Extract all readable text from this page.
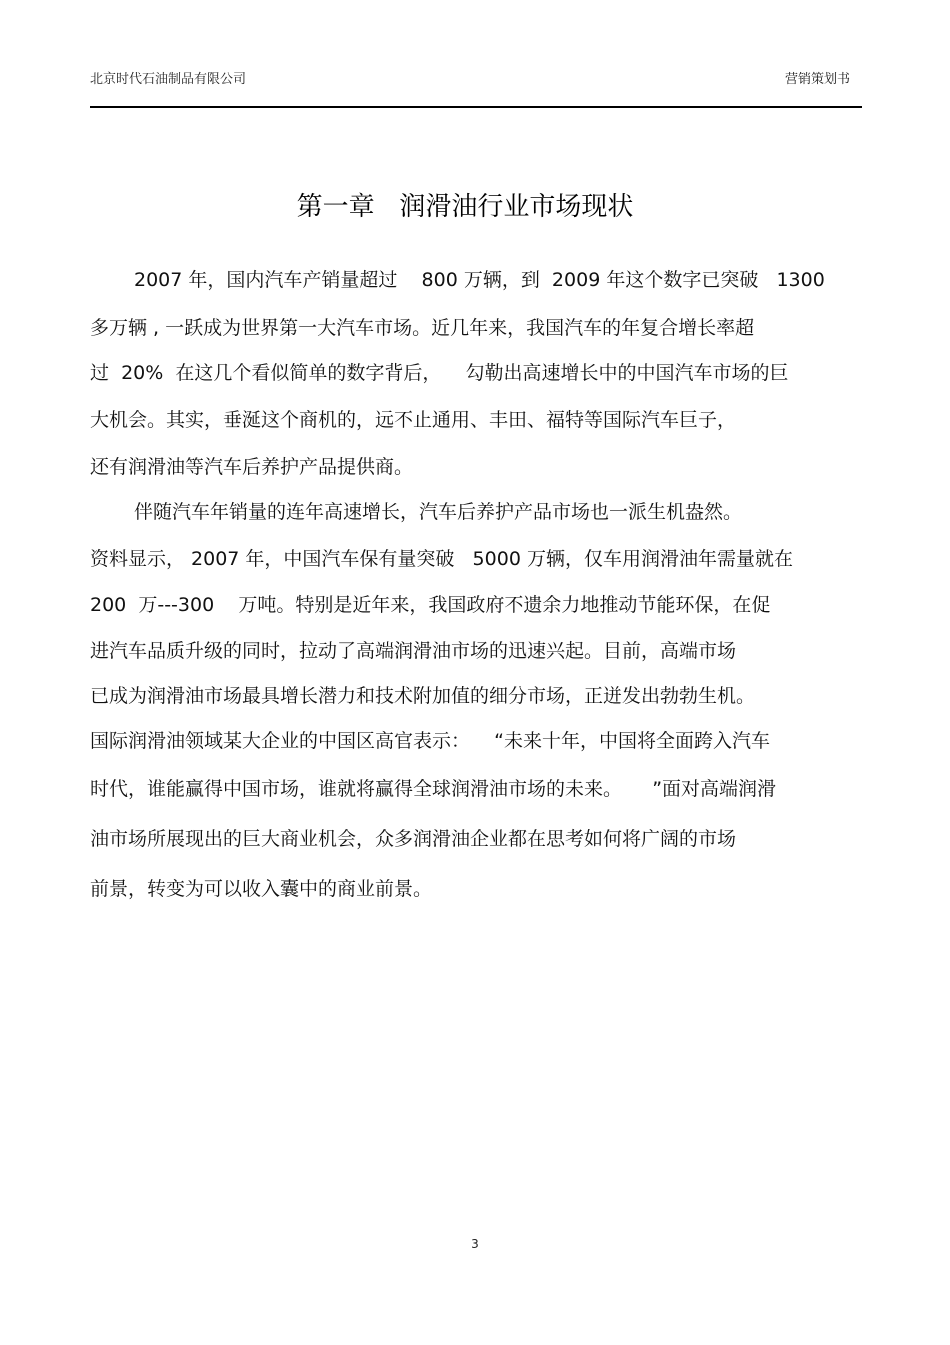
北京时代石油制品有限公司	营销策划书
第一章   润滑油行业市场现状
2007 年，国内汽车产销量超过    800 万辆，到  2009 年这个数字已突破   1300
多万辆 , 一跃成为世界第一大汽车市场。近几年来，我国汽车的年复合增长率超
过  20%  在这几个看似简单的数字背后，    勾勒出高速增长中的中国汽车市场的巨
大机会。其实，垂涎这个商机的，远不止通用、丰田、福特等国际汽车巨子，
还有润滑油等汽车后养护产品提供商。
伴随汽车年销量的连年高速增长，汽车后养护产品市场也一派生机盎然。
资料显示， 2007 年，中国汽车保有量突破   5000 万辆，仅车用润滑油年需量就在
200  万---300    万吨。特别是近年来，我国政府不遗余力地推动节能环保，在促
进汽车品质升级的同时，拉动了高端润滑油市场的迅速兴起。目前，高端市场
已成为润滑油市场最具增长潜力和技术附加值的细分市场，正迸发出勃勃生机。
国际润滑油领域某大企业的中国区高官表示：    “未来十年，中国将全面跨入汽车
时代，谁能赢得中国市场，谁就将赢得全球润滑油市场的未来。     ”面对高端润滑
油市场所展现出的巨大商业机会，众多润滑油企业都在思考如何将广阔的市场
前景，转变为可以收入囊中的商业前景。
3
